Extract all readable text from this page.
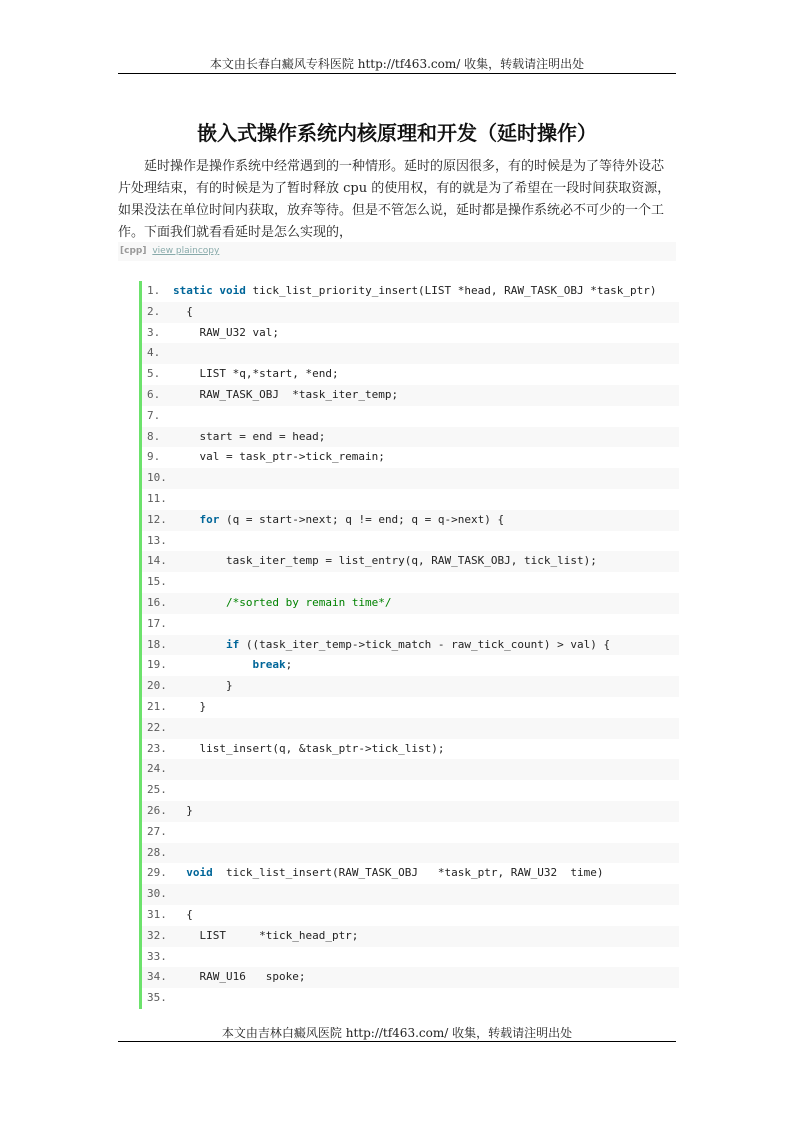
本文由长春白癜风专科医院 http://tf463.com/ 收集，转载请注明出处
嵌入式操作系统内核原理和开发（延时操作）
延时操作是操作系统中经常遇到的一种情形。延时的原因很多，有的时候是为了等待外设芯片处理结束，有的时候是为了暂时释放 cpu 的使用权，有的就是为了希望在一段时间获取资源，如果没法在单位时间内获取，放弃等待。但是不管怎么说，延时都是操作系统必不可少的一个工作。下面我们就看看延时是怎么实现的，
[cpp] view plaincopy
1. static void tick_list_priority_insert(LIST *head, RAW_TASK_OBJ *task_ptr)
2.  {
3.    RAW_U32 val;
4.
5.    LIST *q,*start, *end;
6.    RAW_TASK_OBJ  *task_iter_temp;
7.
8.    start = end = head;
9.    val = task_ptr->tick_remain;
10.
11.
12.	for (q = start->next; q != end; q = q->next) {
13.
14.        task_iter_temp = list_entry(q, RAW_TASK_OBJ, tick_list);
15.
16.	/*sorted by remain time*/
17.
18.	if ((task_iter_temp->tick_match - raw_tick_count) > val) {
19.	break;
20.        }
21.    }
22.
23.    list_insert(q, &task_ptr->tick_list);
24.
25.
26.  }
27.
28.
29. void  tick_list_insert(RAW_TASK_OBJ   *task_ptr, RAW_U32  time)
30.
31.  {
32.    LIST     *tick_head_ptr;
33.
34.    RAW_U16   spoke;
35.
本文由吉林白癜风医院 http://tf463.com/ 收集，转载请注明出处
